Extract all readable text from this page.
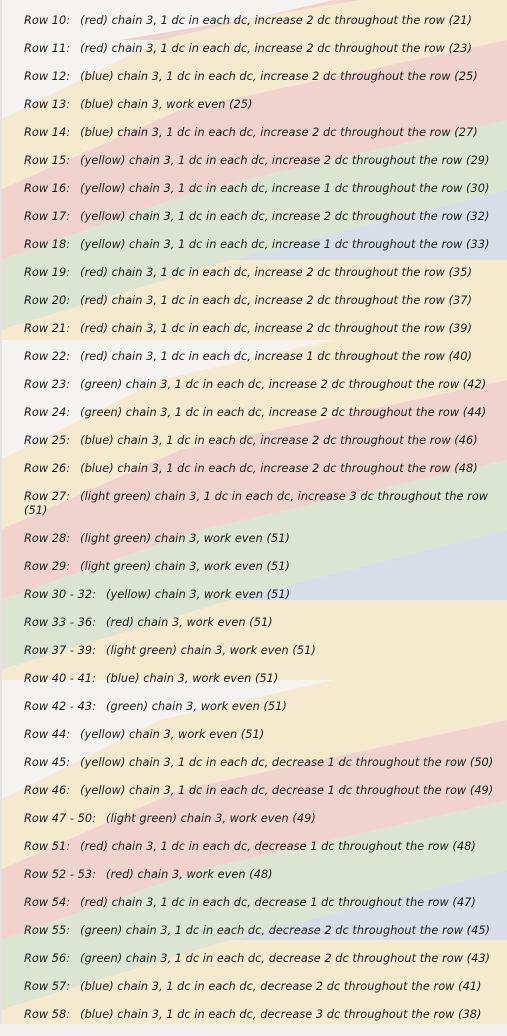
Row 10: (red) chain 3, 1 dc in each dc, increase 2 dc throughout the row (21)

Row 11: (red) chain 3, 1 dc in each dc, increase 2 dc throughout the row (23)

Row 12: (blue) chain 3, 1 dc in each dc, increase 2 dc throughout the row (25)

Row 13: (blue) chain 3, work even (25)

Row 14: (blue) chain 3, 1 dc in each dc, increase 2 dc throughout the row (27)

Row 15: (yellow) chain 3, 1 dc in each dc, increase 2 dc throughout the row (29)

Row 16: (yellow) chain 3, 1 dc in each dc, increase 1 dc throughout the row (30)

Row 17: (yellow) chain 3, 1 dc in each dc, increase 2 dc throughout the row (32)

Row 18: (yellow) chain 3, 1 dc in each dc, increase 1 dc throughout the row (33)

Row 19: (red) chain 3, 1 dc in each dc, increase 2 dc throughout the row (35)

Row 20: (red) chain 3, 1 dc in each dc, increase 2 dc throughout the row (37)

Row 21: (red) chain 3, 1 dc in each dc, increase 2 dc throughout the row (39)

Row 22: (red) chain 3, 1 dc in each dc, increase 1 dc throughout the row (40)

Row 23: (green) chain 3, 1 dc in each dc, increase 2 dc throughout the row (42)

Row 24: (green) chain 3, 1 dc in each dc, increase 2 dc throughout the row (44)

Row 25: (blue) chain 3, 1 dc in each dc, increase 2 dc throughout the row (46)

Row 26: (blue) chain 3, 1 dc in each dc, increase 2 dc throughout the row (48)

Row 27: (light green) chain 3, 1 dc in each dc, increase 3 dc throughout the row (51)

Row 28: (light green) chain 3, work even (51)

Row 29: (light green) chain 3, work even (51)

Row 30 - 32: (yellow) chain 3, work even (51)

Row 33 - 36: (red) chain 3, work even (51)

Row 37 - 39: (light green) chain 3, work even (51)

Row 40 - 41: (blue) chain 3, work even (51)

Row 42 - 43: (green) chain 3, work even (51)

Row 44: (yellow) chain 3, work even (51)

Row 45: (yellow) chain 3, 1 dc in each dc, decrease 1 dc throughout the row (50)

Row 46: (yellow) chain 3, 1 dc in each dc, decrease 1 dc throughout the row (49)

Row 47 - 50: (light green) chain 3, work even (49)

Row 51: (red) chain 3, 1 dc in each dc, decrease 1 dc throughout the row (48)

Row 52 - 53: (red) chain 3, work even (48)

Row 54: (red) chain 3, 1 dc in each dc, decrease 1 dc throughout the row (47)

Row 55: (green) chain 3, 1 dc in each dc, decrease 2 dc throughout the row (45)

Row 56: (green) chain 3, 1 dc in each dc, decrease 2 dc throughout the row (43)

Row 57: (blue) chain 3, 1 dc in each dc, decrease 2 dc throughout the row (41)

Row 58: (blue) chain 3, 1 dc in each dc, decrease 3 dc throughout the row (38)
